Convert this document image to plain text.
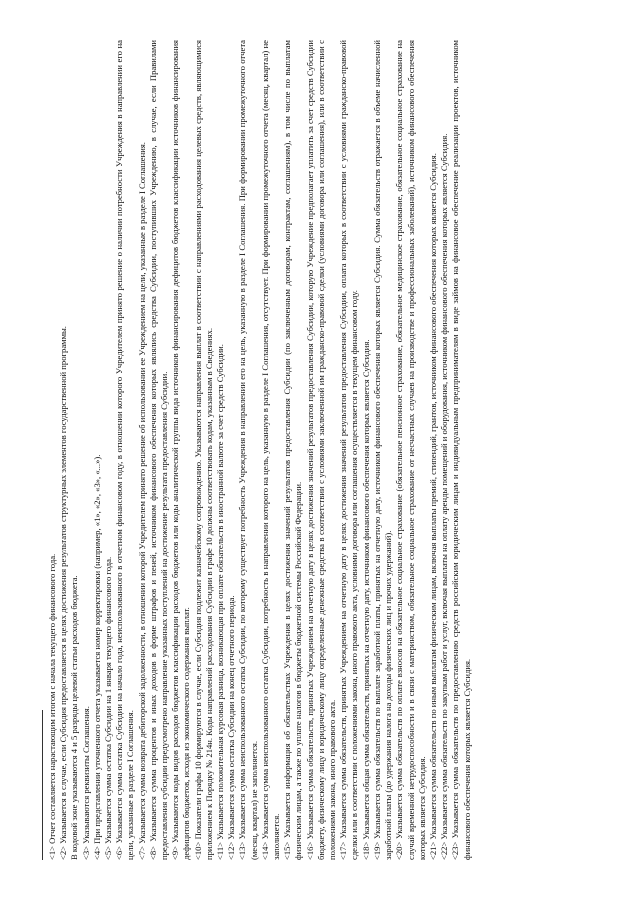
<1> Отчет составляется нарастающим итогом с начала текущего финансового года. <2> Указывается в случае, если Субсидия предоставляется в целях достижения результатов структурных элементов государственной программы. В кодовой зоне указываются 4 и 5 разряды целевой статьи расходов бюджета. <3> Указываются реквизиты Соглашения. <4> При представлении уточненного отчета указывается номер корректировки (например, «1», «2», «3», «...»). <5> Указывается сумма остатка Субсидии на 1 января текущего финансового года. <6> Указывается сумма остатка Субсидии на начало года, неиспользованного в отчетном финансовом году, в отношении которого Учредителем принято решение о наличии потребности Учреждения в направлении его на цели, указанные в разделе I Соглашения. <7> Указывается сумма возврата дебиторской задолженности, в отношении которой Учредителем принято решение об использовании ее Учреждением на цели, указанные в разделе I Соглашения. <8> Указывается сумма процентов и иных доходов в форме штрафов и пеней, источником финансового обеспечения которых являлись средства Субсидии, поступивших Учреждению, в случае, если Правилами предоставления субсидии предусмотрено направление указанных поступлений на достижение результата предоставления Субсидии. <9> Указываются коды видов расходов бюджетов классификации расходов бюджетов или коды аналитической группы вида источников финансирования дефицитов бюджетов классификации источников финансирования дефицитов бюджетов, исходя из экономического содержания выплат. <10> Показатели графы 10 формируются в случае, если Субсидия подлежит казначейскому сопровождению. Указываются направления выплат в соответствии с направлениями расходования целевых средств, являющимися приложением к Порядку № 214н. Коды направлений расходования Субсидии в графе 10 должны соответствовать кодам, указанным в Сведениях. <11> Указывается положительная курсовая разница, возникающая при оплате обязательств в иностранной валюте за счет средств Субсидии. <12> Указывается сумма остатка Субсидии на конец отчетного периода. <13> Указывается сумма неиспользованного остатка Субсидии, по которому существует потребность Учреждения в направлении его на цель, указанную в разделе I Соглашения. При формировании промежуточного отчета (месяц, квартал) не заполняется. <14> Указывается сумма неиспользованного остатка Субсидии, потребность в направлении которого на цель, указанную в разделе I Соглашения, отсутствует. При формировании промежуточного отчета (месяц, квартал) не заполняется. <15> Указывается информация об обязательствах Учреждения в целях достижения значений результатов предоставления Субсидии (по заключенным договорам, контрактам, соглашениям), в том числе по выплатам физическим лицам, а также по уплате налогов в бюджеты бюджетной системы Российской Федерации. <16> Указывается сумма обязательств, принятых Учреждением на отчетную дату в целях достижения значений результатов предоставления Субсидии, которую Учреждение предполагает уплатить за счет средств Субсидии бюджету, физическому лицу и юридическому лицу определенные денежные средства в соответствии с условиями заключенной им гражданско-правовой сделки (условиями договора или соглашения), или в соответствии с положениями закона, иного правового акта. <17> Указывается сумма обязательств, принятых Учреждением на отчетную дату в целях достижения значений результатов предоставления Субсидии, оплата которых в соответствии с условиями гражданско-правовой сделки или в соответствии с положениями закона, иного правового акта, условиями договора или соглашения осуществляется в текущем финансовом году. <18> Указывается общая сумма обязательств, принятых на отчетную дату, источником финансового обеспечения которых является Субсидия. <19> Указывается сумма обязательств по выплате заработной платы, принятых на отчетную дату, источником финансового обеспечения которых является Субсидия. Сумма обязательств отражается в объеме начисленной заработной платы (до удержания налога на доходы физических лиц и прочих удержаний). <20> Указывается сумма обязательств по оплате взносов на обязательное социальное страхование (обязательное пенсионное страхование, обязательное медицинское страхование, обязательное социальное страхование на случай временной нетрудоспособности и в связи с материнством, обязательное социальное страхование от несчастных случаев на производстве и профессиональных заболеваний), источником финансового обеспечения которых является Субсидия. <21> Указывается сумма обязательств по иным выплатам физическим лицам, включая выплаты премий, стипендий, грантов, источником финансового обеспечения которых является Субсидия. <22> Указывается сумма обязательств по закупкам работ и услуг, включая выплаты на оплату аренды помещений и оборудования, источником финансового обеспечения которых является Субсидия. <23> Указывается сумма обязательств по предоставлению средств российским юридическим лицам и индивидуальным предпринимателям в виде займов на финансовое обеспечение реализации проектов, источником финансового обеспечения которых является Субсидия.
